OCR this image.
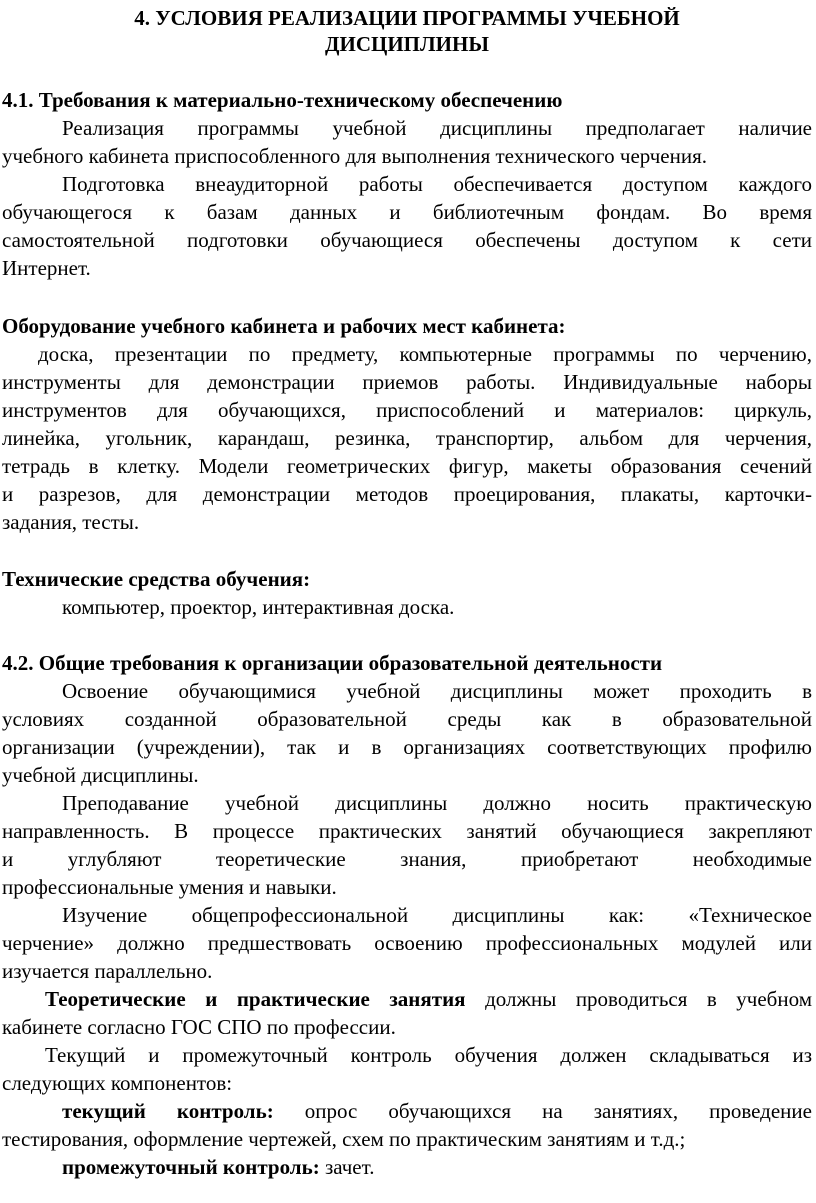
4. УСЛОВИЯ РЕАЛИЗАЦИИ ПРОГРАММЫ УЧЕБНОЙ
ДИСЦИПЛИНЫ
4.1. Требования к материально-техническому обеспечению
Реализация программы учебной дисциплины предполагает наличие
учебного кабинета приспособленного для выполнения технического черчения.
Подготовка внеаудиторной работы обеспечивается доступом каждого
обучающегося к базам данных и библиотечным фондам. Во время
самостоятельной подготовки обучающиеся обеспечены доступом к сети
Интернет.
Оборудование учебного кабинета и рабочих мест кабинета:
доска, презентации по предмету, компьютерные программы по черчению,
инструменты для демонстрации приемов работы. Индивидуальные наборы
инструментов для обучающихся, приспособлений и материалов: циркуль,
линейка, угольник, карандаш, резинка, транспортир, альбом для черчения,
тетрадь в клетку. Модели геометрических фигур, макеты образования сечений
и разрезов, для демонстрации методов проецирования, плакаты, карточки-
задания, тесты.
Технические средства обучения:
компьютер, проектор, интерактивная доска.
4.2. Общие требования к организации образовательной деятельности
Освоение обучающимися учебной дисциплины может проходить в
условиях созданной образовательной среды как в образовательной
организации (учреждении), так и в организациях соответствующих профилю
учебной дисциплины.
Преподавание учебной дисциплины должно носить практическую
направленность. В процессе практических занятий обучающиеся закрепляют
и углубляют теоретические знания, приобретают необходимые
профессиональные умения и навыки.
Изучение общепрофессиональной дисциплины как: «Техническое
черчение» должно предшествовать освоению профессиональных модулей или
изучается параллельно.
Теоретические и практические занятия должны проводиться в учебном
кабинете согласно ГОС СПО по профессии.
Текущий и промежуточный контроль обучения должен складываться из
следующих компонентов:
текущий контроль: опрос обучающихся на занятиях, проведение
тестирования, оформление чертежей, схем по практическим занятиям и т.д.;
промежуточный контроль: зачет.
